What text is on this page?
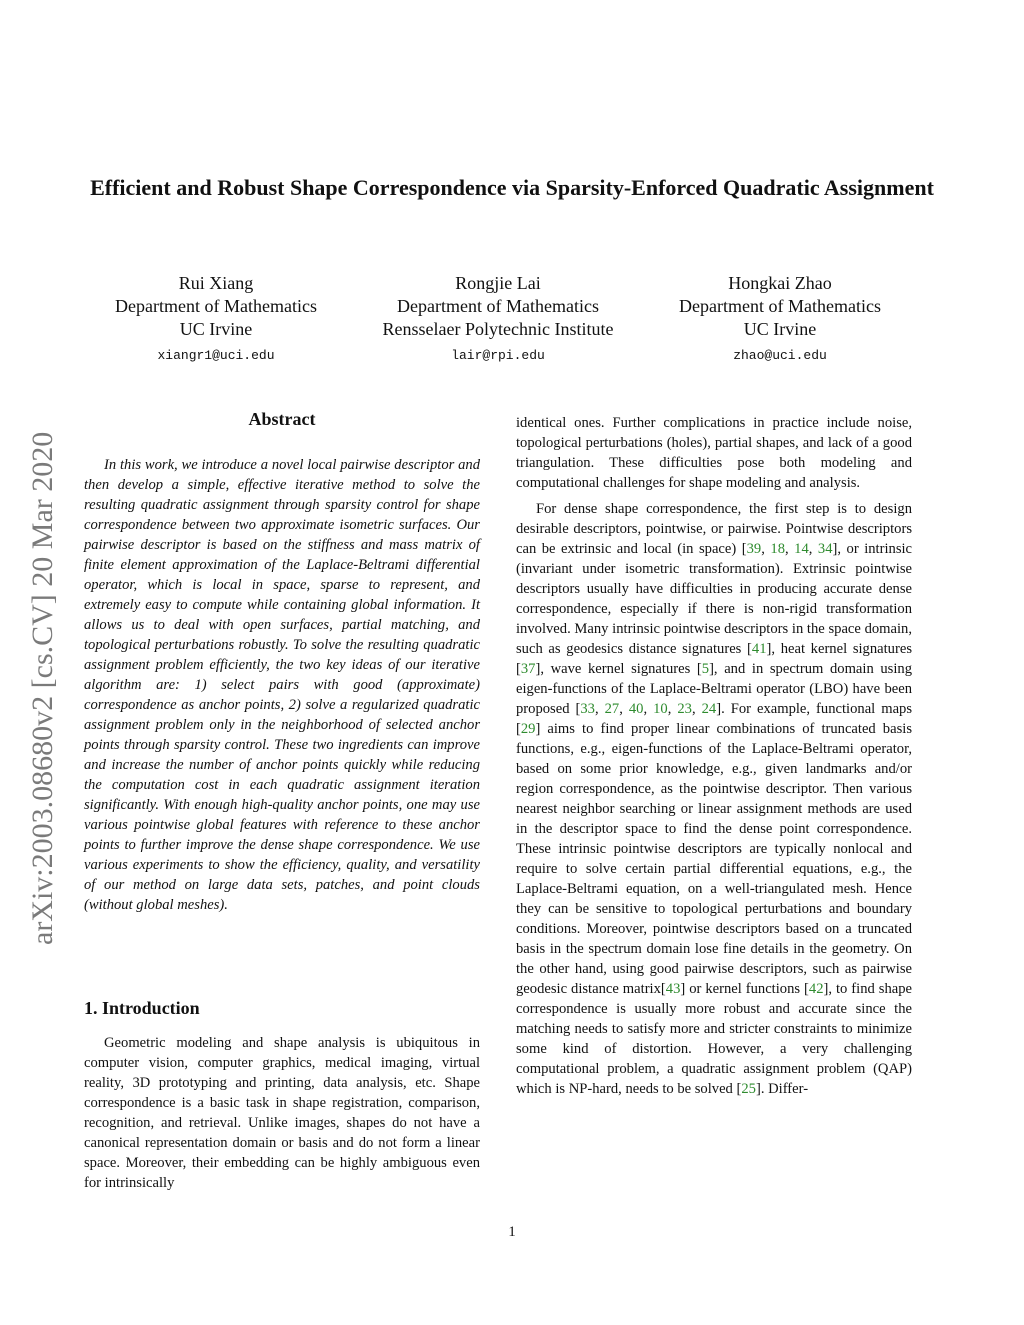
arXiv:2003.08680v2 [cs.CV] 20 Mar 2020
Efficient and Robust Shape Correspondence via Sparsity-Enforced Quadratic Assignment
Rui Xiang
Department of Mathematics
UC Irvine
xiangr1@uci.edu
Rongjie Lai
Department of Mathematics
Rensselaer Polytechnic Institute
lair@rpi.edu
Hongkai Zhao
Department of Mathematics
UC Irvine
zhao@uci.edu
Abstract

In this work, we introduce a novel local pairwise descriptor and then develop a simple, effective iterative method to solve the resulting quadratic assignment through sparsity control for shape correspondence between two approximate isometric surfaces. Our pairwise descriptor is based on the stiffness and mass matrix of finite element approximation of the Laplace-Beltrami differential operator, which is local in space, sparse to represent, and extremely easy to compute while containing global information. It allows us to deal with open surfaces, partial matching, and topological perturbations robustly. To solve the resulting quadratic assignment problem efficiently, the two key ideas of our iterative algorithm are: 1) select pairs with good (approximate) correspondence as anchor points, 2) solve a regularized quadratic assignment problem only in the neighborhood of selected anchor points through sparsity control. These two ingredients can improve and increase the number of anchor points quickly while reducing the computation cost in each quadratic assignment iteration significantly. With enough high-quality anchor points, one may use various pointwise global features with reference to these anchor points to further improve the dense shape correspondence. We use various experiments to show the efficiency, quality, and versatility of our method on large data sets, patches, and point clouds (without global meshes).

1. Introduction

Geometric modeling and shape analysis is ubiquitous in computer vision, computer graphics, medical imaging, virtual reality, 3D prototyping and printing, data analysis, etc. Shape correspondence is a basic task in shape registration, comparison, recognition, and retrieval. Unlike images, shapes do not have a canonical representation domain or basis and do not form a linear space. Moreover, their embedding can be highly ambiguous even for intrinsically

identical ones. Further complications in practice include noise, topological perturbations (holes), partial shapes, and lack of a good triangulation. These difficulties pose both modeling and computational challenges for shape modeling and analysis.

For dense shape correspondence, the first step is to design desirable descriptors, pointwise, or pairwise. Pointwise descriptors can be extrinsic and local (in space) [39, 18, 14, 34], or intrinsic (invariant under isometric transformation). Extrinsic pointwise descriptors usually have difficulties in producing accurate dense correspondence, especially if there is non-rigid transformation involved. Many intrinsic pointwise descriptors in the space domain, such as geodesics distance signatures [41], heat kernel signatures [37], wave kernel signatures [5], and in spectrum domain using eigen-functions of the Laplace-Beltrami operator (LBO) have been proposed [33, 27, 40, 10, 23, 24]. For example, functional maps [29] aims to find proper linear combinations of truncated basis functions, e.g., eigen-functions of the Laplace-Beltrami operator, based on some prior knowledge, e.g., given landmarks and/or region correspondence, as the pointwise descriptor. Then various nearest neighbor searching or linear assignment methods are used in the descriptor space to find the dense point correspondence. These intrinsic pointwise descriptors are typically nonlocal and require to solve certain partial differential equations, e.g., the Laplace-Beltrami equation, on a well-triangulated mesh. Hence they can be sensitive to topological perturbations and boundary conditions. Moreover, pointwise descriptors based on a truncated basis in the spectrum domain lose fine details in the geometry. On the other hand, using good pairwise descriptors, such as pairwise geodesic distance matrix[43] or kernel functions [42], to find shape correspondence is usually more robust and accurate since the matching needs to satisfy more and stricter constraints to minimize some kind of distortion. However, a very challenging computational problem, a quadratic assignment problem (QAP) which is NP-hard, needs to be solved [25]. Differ-

1
